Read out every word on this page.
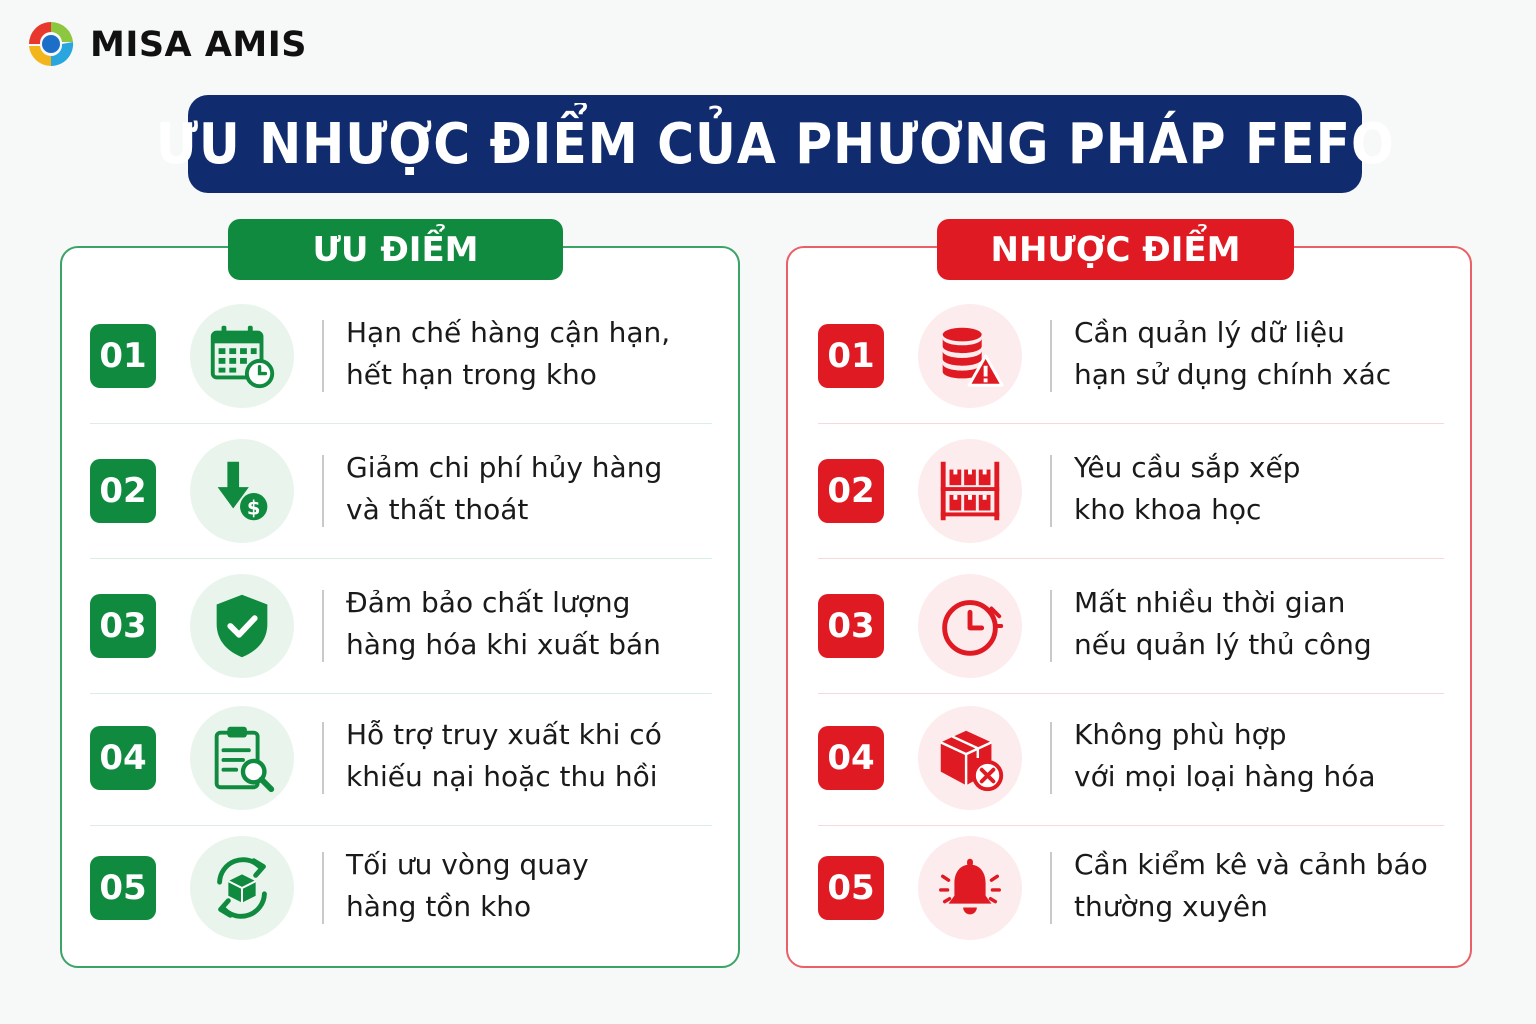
MISA AMIS
ƯU NHƯỢC ĐIỂM CỦA PHƯƠNG PHÁP FEFO
ƯU ĐIỂM	NHƯỢC ĐIỂM
01
Hạn chế hàng cận hạn,
hết hạn trong kho
02	$
Giảm chi phí hủy hàng
và thất thoát
03
Đảm bảo chất lượng
hàng hóa khi xuất bán
04
Hỗ trợ truy xuất khi có
khiếu nại hoặc thu hồi
05
Tối ưu vòng quay
hàng tồn kho
01
Cần quản lý dữ liệu
hạn sử dụng chính xác
02
Yêu cầu sắp xếp
kho khoa học
03
Mất nhiều thời gian
nếu quản lý thủ công
04
Không phù hợp
với mọi loại hàng hóa
05
Cần kiểm kê và cảnh báo
thường xuyên
